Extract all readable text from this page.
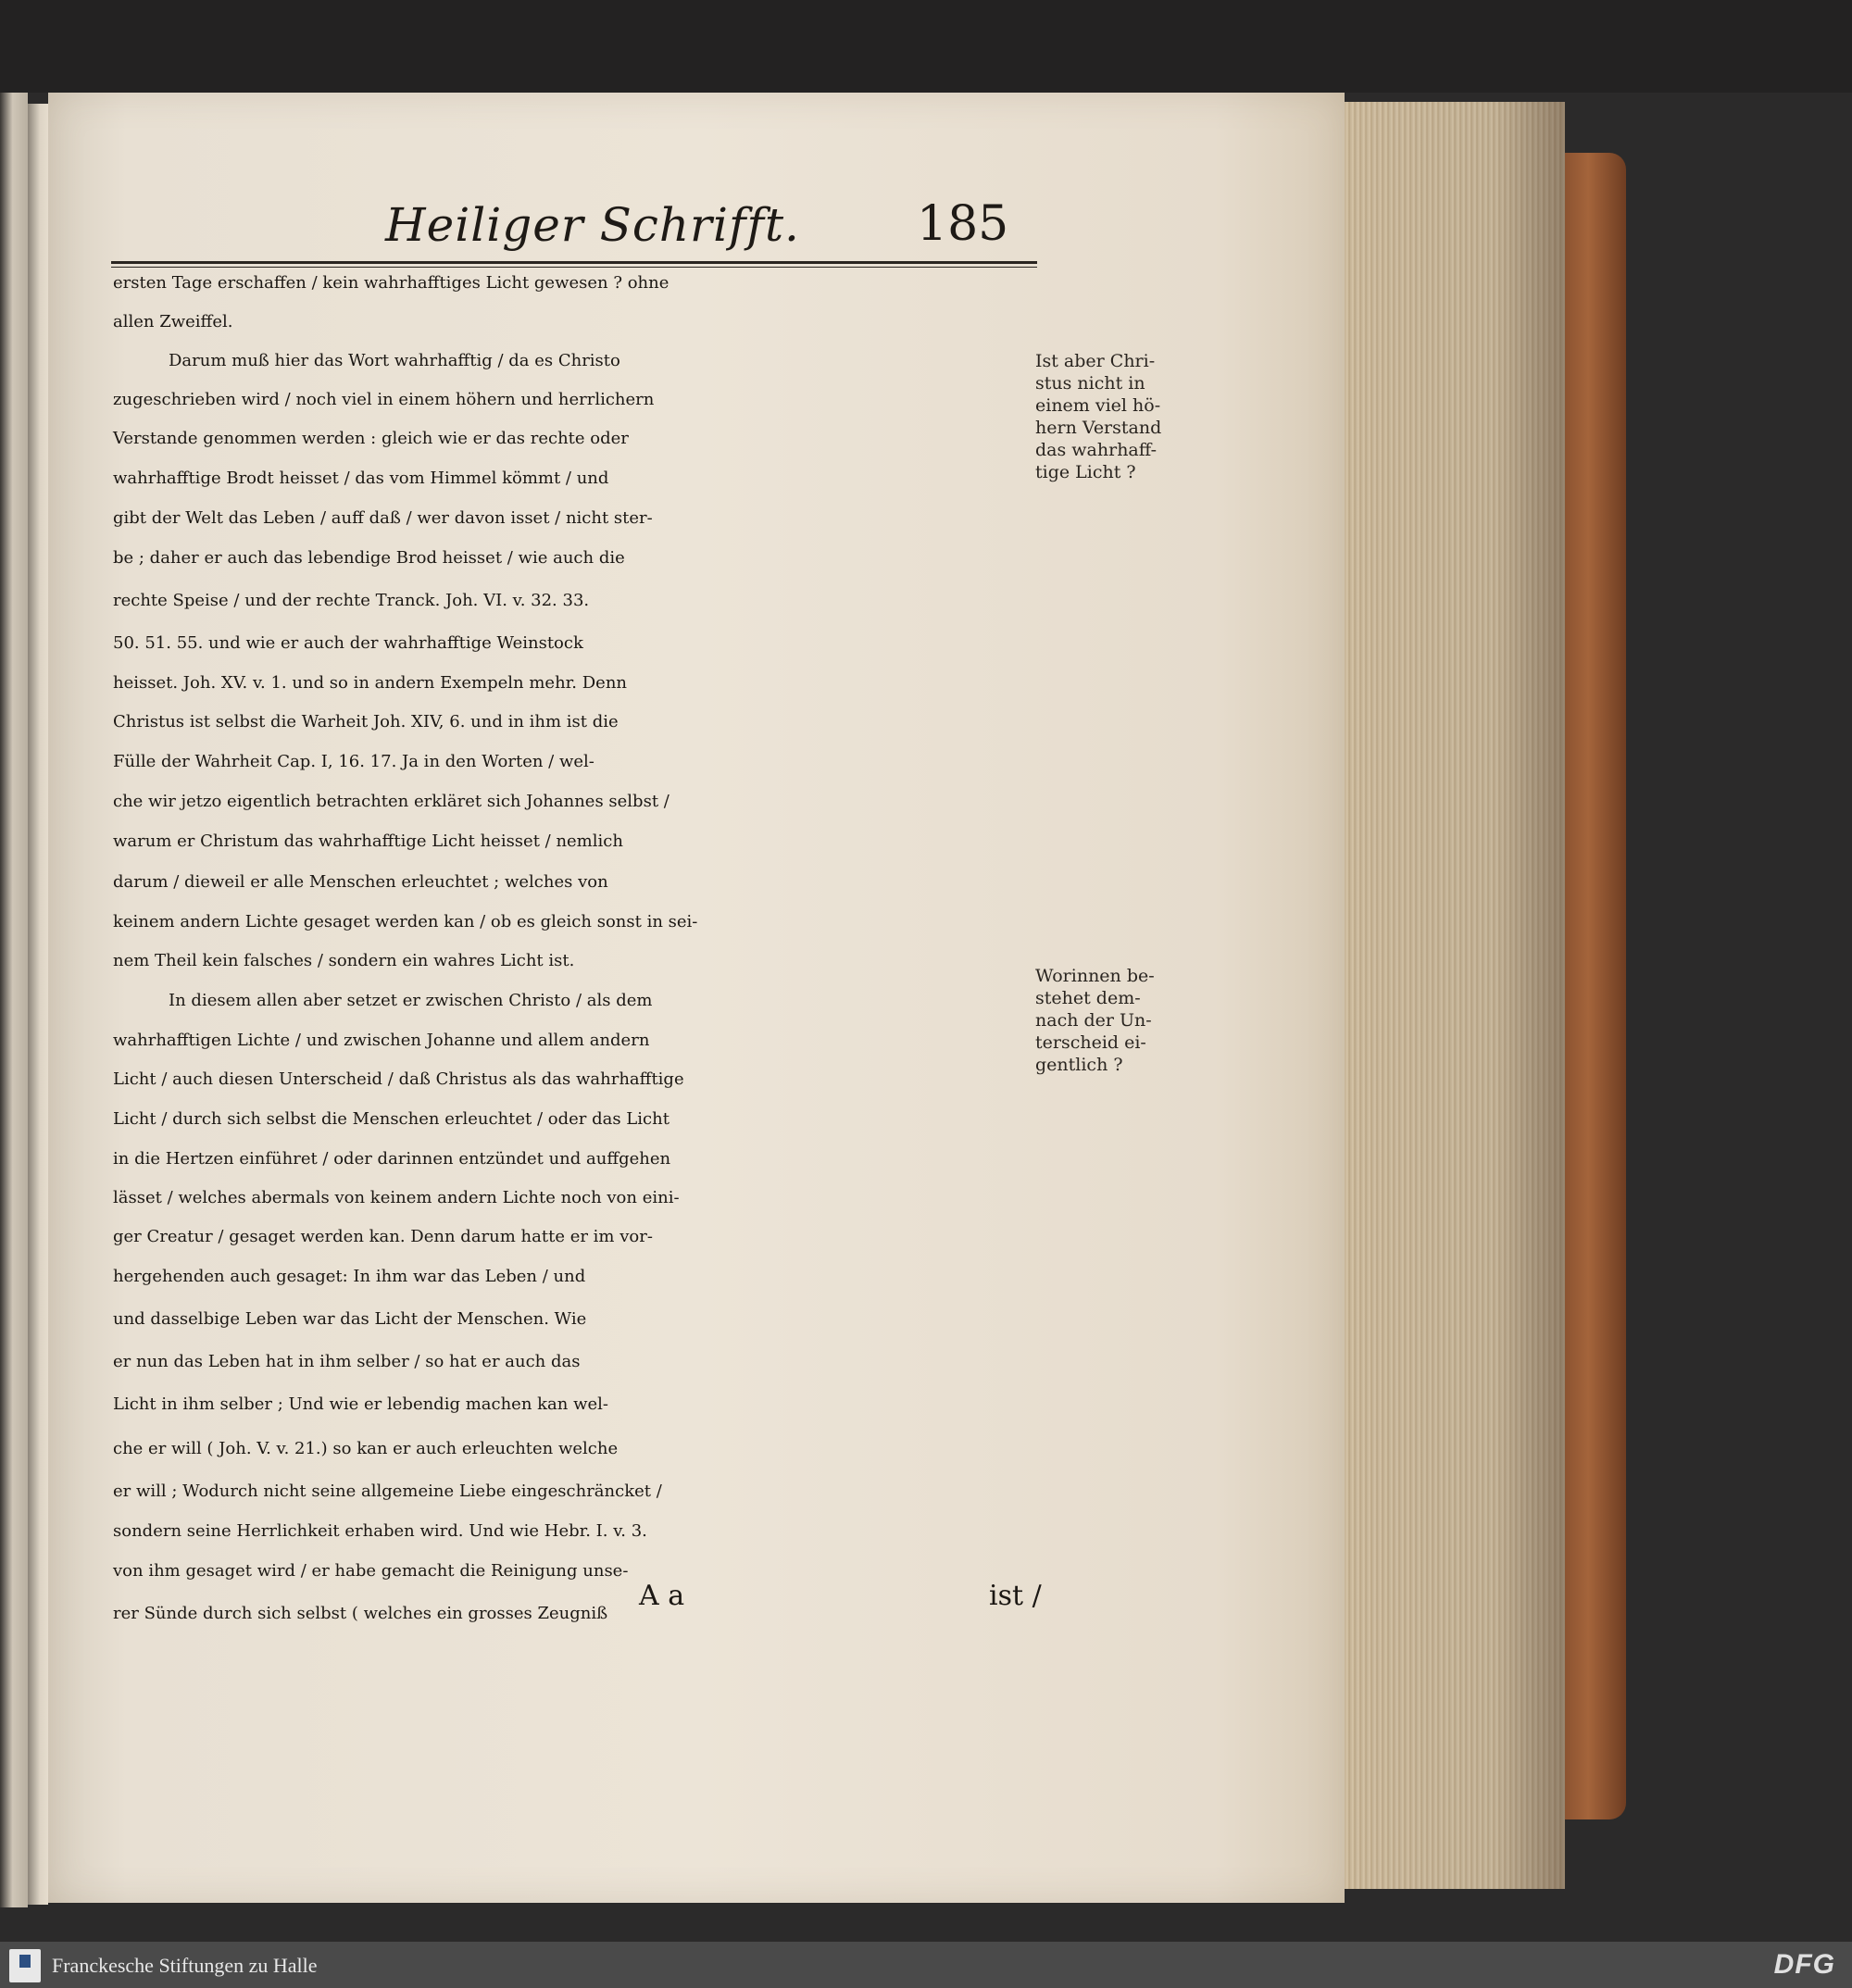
Heiliger Schrifft.	185
ersten Tage erschaffen / kein wahrhafftiges Licht gewesen ? ohne
allen Zweiffel.
Darum muß hier das Wort wahrhafftig / da es Christo
zugeschrieben wird / noch viel in einem höhern und herrlichern
Verstande genommen werden : gleich wie er das rechte oder
wahrhafftige Brodt heisset / das vom Himmel kömmt / und
gibt der Welt das Leben / auff daß / wer davon isset / nicht ster-
be ; daher er auch das lebendige Brod heisset / wie auch die
rechte Speise / und der rechte Tranck. Joh. VI. v. 32. 33.
50. 51. 55. und wie er auch der wahrhafftige Weinstock
heisset. Joh. XV. v. 1. und so in andern Exempeln mehr. Denn
Christus ist selbst die Warheit Joh. XIV, 6. und in ihm ist die
Fülle der Wahrheit Cap. I, 16. 17. Ja in den Worten / wel-
che wir jetzo eigentlich betrachten erkläret sich Johannes selbst /
warum er Christum das wahrhafftige Licht heisset / nemlich
darum / dieweil er alle Menschen erleuchtet ; welches von
keinem andern Lichte gesaget werden kan / ob es gleich sonst in sei-
nem Theil kein falsches / sondern ein wahres Licht ist.
In diesem allen aber setzet er zwischen Christo / als dem
wahrhafftigen Lichte / und zwischen Johanne und allem andern
Licht / auch diesen Unterscheid / daß Christus als das wahrhafftige
Licht / durch sich selbst die Menschen erleuchtet / oder das Licht
in die Hertzen einführet / oder darinnen entzündet und auffgehen
lässet / welches abermals von keinem andern Lichte noch von eini-
ger Creatur / gesaget werden kan. Denn darum hatte er im vor-
hergehenden auch gesaget: In ihm war das Leben / und
und dasselbige Leben war das Licht der Menschen. Wie
er nun das Leben hat in ihm selber / so hat er auch das
Licht in ihm selber ; Und wie er lebendig machen kan wel-
che er will ( Joh. V. v. 21.) so kan er auch erleuchten welche
er will ; Wodurch nicht seine allgemeine Liebe eingeschräncket /
sondern seine Herrlichkeit erhaben wird. Und wie Hebr. I. v. 3.
von ihm gesaget wird / er habe gemacht die Reinigung unse-
rer Sünde durch sich selbst ( welches ein grosses Zeugniß
Ist aber Chri-
stus nicht in
einem viel hö-
hern Verstand
das wahrhaff-
tige Licht ?
Worinnen be-
stehet dem-
nach der Un-
terscheid ei-
gentlich ?
A a	ist /
Franckesche Stiftungen zu Halle	DFG
